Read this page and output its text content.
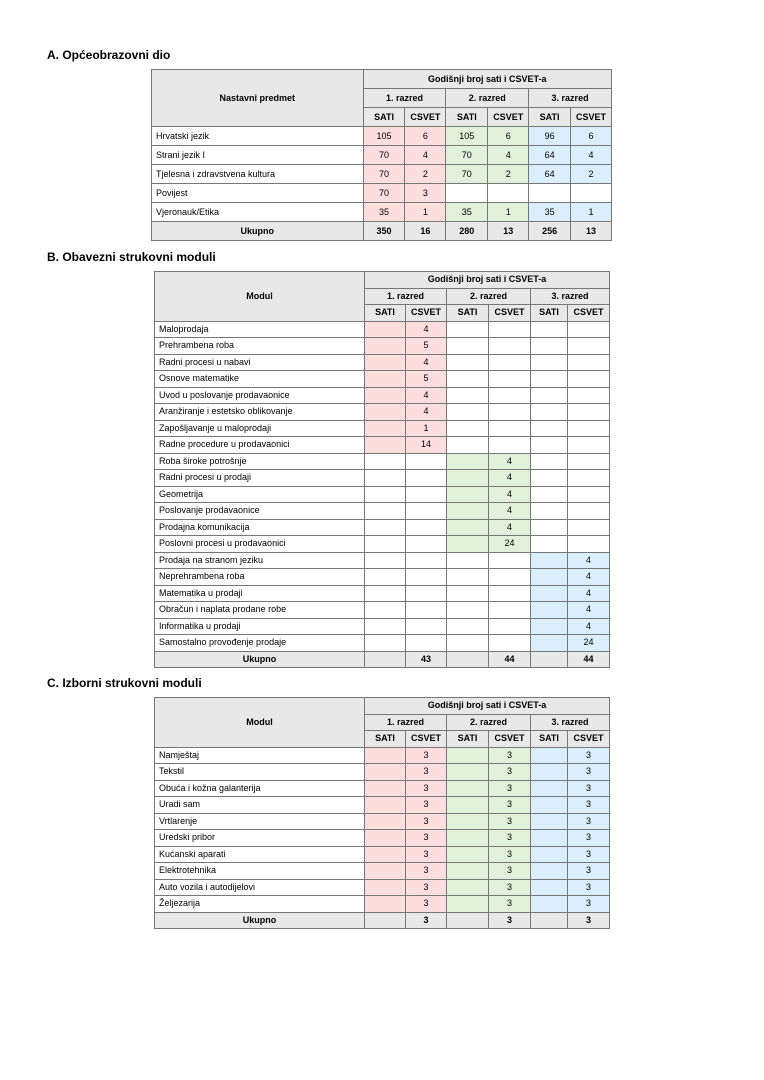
A. Općeobrazovni dio
Nastavni predmet	Godišnji broj sati i CSVET-a					
	1. razred		2. razred		3. razred	
	SATI	CSVET	SATI	CSVET	SATI	CSVET
Hrvatski jezik	105	6	105	6	96	6
Strani jezik I	70	4	70	4	64	4
Tjelesna i zdravstvena kultura	70	2	70	2	64	2
Povijest	70	3				
Vjeronauk/Etika	35	1	35	1	35	1
Ukupno	350	16	280	13	256	13
B. Obavezni strukovni moduli
Modul	Godišnji broj sati i CSVET-a					
	1. razred		2. razred		3. razred	
	SATI	CSVET	SATI	CSVET	SATI	CSVET
Maloprodaja		4				
Prehrambena roba		5				
Radni procesi u nabavi		4				
Osnove matematike		5				
Uvod u poslovanje prodavaonice		4				
Aranžiranje i estetsko oblikovanje		4				
Zapošljavanje u maloprodaji		1				
Radne procedure u prodavaonici		14				
Roba široke potrošnje				4		
Radni procesi u prodaji				4		
Geometrija				4		
Poslovanje prodavaonice				4		
Prodajna komunikacija				4		
Poslovni procesi u prodavaonici				24		
Prodaja na stranom jeziku						4
Neprehrambena roba						4
Matematika u prodaji						4
Obračun i naplata prodane robe						4
Informatika u prodaji						4
Samostalno provođenje prodaje						24
Ukupno		43		44		44
C. Izborni strukovni moduli
Modul	Godišnji broj sati i CSVET-a					
	1. razred		2. razred		3. razred	
	SATI	CSVET	SATI	CSVET	SATI	CSVET
Namještaj		3		3		3
Tekstil		3		3		3
Obuća i kožna galanterija		3		3		3
Uradi sam		3		3		3
Vrtlarenje		3		3		3
Uredski pribor		3		3		3
Kućanski aparati		3		3		3
Elektrotehnika		3		3		3
Auto vozila i autodijelovi		3		3		3
Željezarija		3		3		3
Ukupno		3		3		3
